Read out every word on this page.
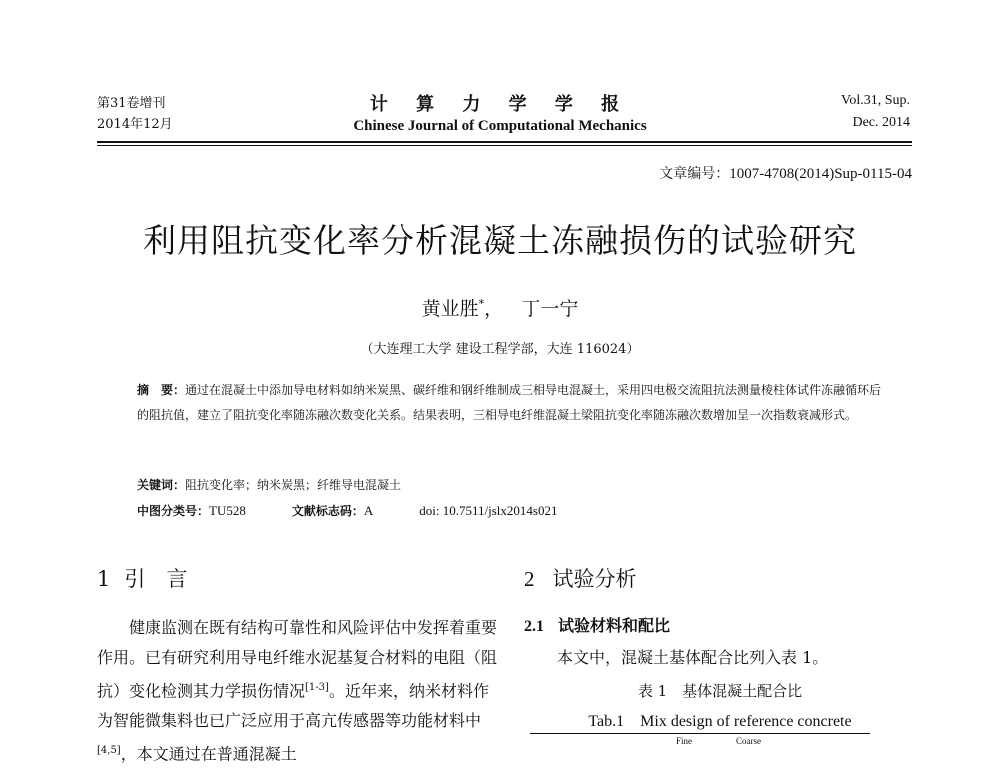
第31卷增刊
2014年12月
计 算 力 学 学 报
Chinese Journal of Computational Mechanics
Vol.31, Sup.
Dec. 2014
文章编号：1007-4708(2014)Sup-0115-04
利用阻抗变化率分析混凝土冻融损伤的试验研究
黄业胜*， 丁一宁
（大连理工大学 建设工程学部，大连 116024）
摘　要：通过在混凝土中添加导电材料如纳米炭黑、碳纤维和钢纤维制成三相导电混凝土，采用四电极交流阻抗法测量棱柱体试件冻融循环后的阻抗值，建立了阻抗变化率随冻融次数变化关系。结果表明，三相导电纤维混凝土梁阻抗变化率随冻融次数增加呈一次指数衰减形式。
关键词：阻抗变化率；纳米炭黑；纤维导电混凝土
中图分类号：TU528	文献标志码：A	doi: 10.7511/jslx2014s021
1 引　言

健康监测在既有结构可靠性和风险评估中发挥着重要作用。已有研究利用导电纤维水泥基复合材料的电阻（阻抗）变化检测其力学损伤情况[1-3]。近年来，纳米材料作为智能微集料也已广泛应用于高亢传感器等功能材料中[4,5]，本文通过在普通混凝土

2 试验分析
2.1 试验材料和配比
本文中，混凝土基体配合比列入表 1。
表 1　基体混凝土配合比
Tab.1　Mix design of reference concrete
Fine	Coarse
